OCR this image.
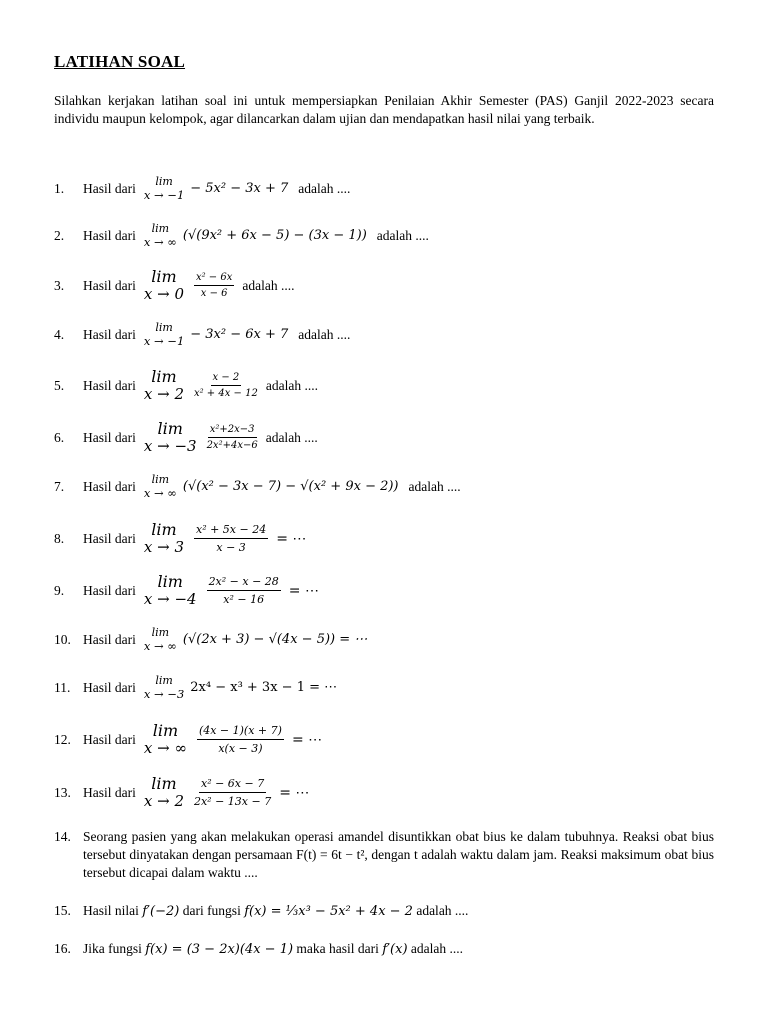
LATIHAN SOAL
Silahkan kerjakan latihan soal ini untuk mempersiapkan Penilaian Akhir Semester (PAS) Ganjil 2022-2023 secara individu maupun kelompok, agar dilancarkan dalam ujian dan mendapatkan hasil nilai yang terbaik.
1.	Hasil dari lim
x → −1 − 5x² − 3x + 7 adalah ....
2.	Hasil dari lim
x → ∞ (√(9x² + 6x − 5) − (3x − 1)) adalah ....
3.	Hasil dari lim
$x \to 0 \frac{\text{x² − 6x}}{x - 6}$ adalah ....
4.	Hasil dari lim
x → −1 − 3x² − 6x + 7 adalah ....
5.	Hasil dari lim
$x \to 2 \frac{x - 2}{\text{x² + 4x − 12}}$ adalah ....
6.	Hasil dari lim
$x \to -3 \frac{\text{x²+2x−3}}{\text{2x²+4x−6}}$ adalah ....
7.	Hasil dari lim
x → ∞ (√(x² − 3x − 7) − √(x² + 9x − 2)) adalah ....
8.	Hasil dari lim
$x \to 3 \frac{\text{x² + 5x − 24}}{x - 3}$ = ⋯
9.	Hasil dari lim
$x \to -4 \frac{\text{2x² − x − 28}}{\text{x² − 16}}$ = ⋯
10. Hasil dari lim
x → ∞ (√(2x + 3) − √(4x − 5)) = ⋯
11. Hasil dari lim
x → −3 2x⁴ − x³ + 3x − 1 = ⋯
12. Hasil dari lim
x → ∞ $\frac{(4x - 1)(x + 7)}{x(x - 3)}$ = ⋯
13. Hasil dari lim
$x \to 2 \frac{\text{x² − 6x − 7}}{\text{2x² − 13x − 7}}$ = ⋯
14. Seorang pasien yang akan melakukan operasi amandel disuntikkan obat bius ke dalam tubuhnya. Reaksi obat bius tersebut dinyatakan dengan persamaan F(t) = 6t − t², dengan t adalah waktu dalam jam. Reaksi maksimum obat bius tersebut dicapai dalam waktu ....
15. Hasil nilai
f′(−2)
dari fungsi
f(x) = ⅓x³ − 5x² + 4x − 2
adalah ....
16. Jika fungsi
f(x) = (3 − 2x)(4x − 1)
maka hasil dari
f′(x)
adalah ....
